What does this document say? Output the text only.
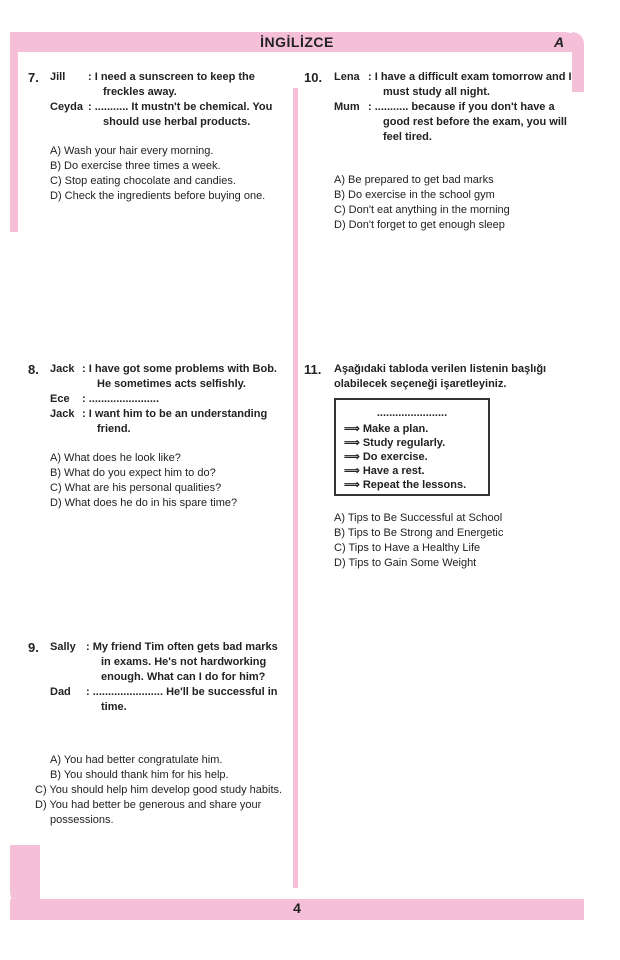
İNGİLİZCE	A
4
7.	Jill	: I need a sunscreen to keep the freckles away.
Ceyda : ........... It mustn't be chemical. You should use herbal products.
A) Wash your hair every morning.
B) Do exercise three times a week.
C) Stop eating chocolate and candies.
D) Check the ingredients before buying one.
8.	Jack : I have got some problems with Bob. He sometimes acts selfishly.
Ece	: .......................
Jack : I want him to be an understanding friend.
A) What does he look like?
B) What do you expect him to do?
C) What are his personal qualities?
D) What does he do in his spare time?
9.	Sally : My friend Tim often gets bad marks in exams. He's not hardworking enough. What can I do for him?
Dad	: ....................... He'll be successful in time.
A) You had better congratulate him.
B) You should thank him for his help.
C) You should help him develop good study habits.
D) You had better be generous and share your possessions.
10.	Lena : I have a difficult exam tomorrow and I must study all night.
Mum : ........... because if you don't have a good rest before the exam, you will feel tired.
A) Be prepared to get bad marks
B) Do exercise in the school gym
C) Don't eat anything in the morning
D) Don't forget to get enough sleep
11.	Aşağıdaki tabloda verilen listenin başlığı olabilecek seçeneği işaretleyiniz.
.......................
⟹ Make a plan.
⟹ Study regularly.
⟹ Do exercise.
⟹ Have a rest.
⟹ Repeat the lessons.
A) Tips to Be Successful at School
B) Tips to Be Strong and Energetic
C) Tips to Have a Healthy Life
D) Tips to Gain Some Weight
